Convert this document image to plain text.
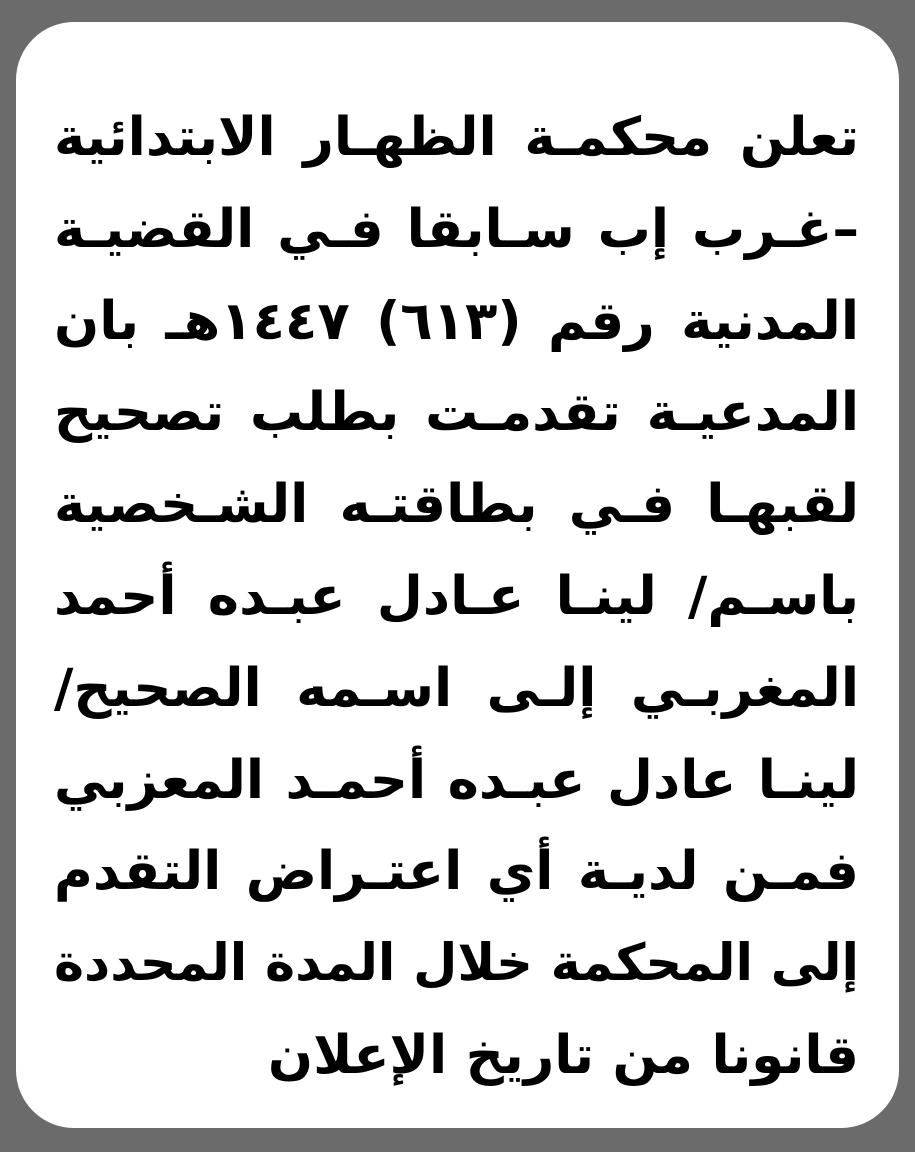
تعلن محكمـة الظهـار الابتدائية
–غـرب إب سـابقا فـي القضيـة
المدنية رقم (٦١٣) ١٤٤٧هـ بان
المدعيـة تقدمـت بطلب تصحيح
لقبهـا فـي بطاقتـه الشـخصية
باسـم/ لينـا عـادل عبـده أحمد
المغربـي إلـى اسـمه الصحيح/
لينـا عادل عبـده أحمـد المعزبي
فمـن لديـة أي اعتـراض التقدم
إلى المحكمة خلال المدة المحددة
قانونا من تاريخ الإعلان
